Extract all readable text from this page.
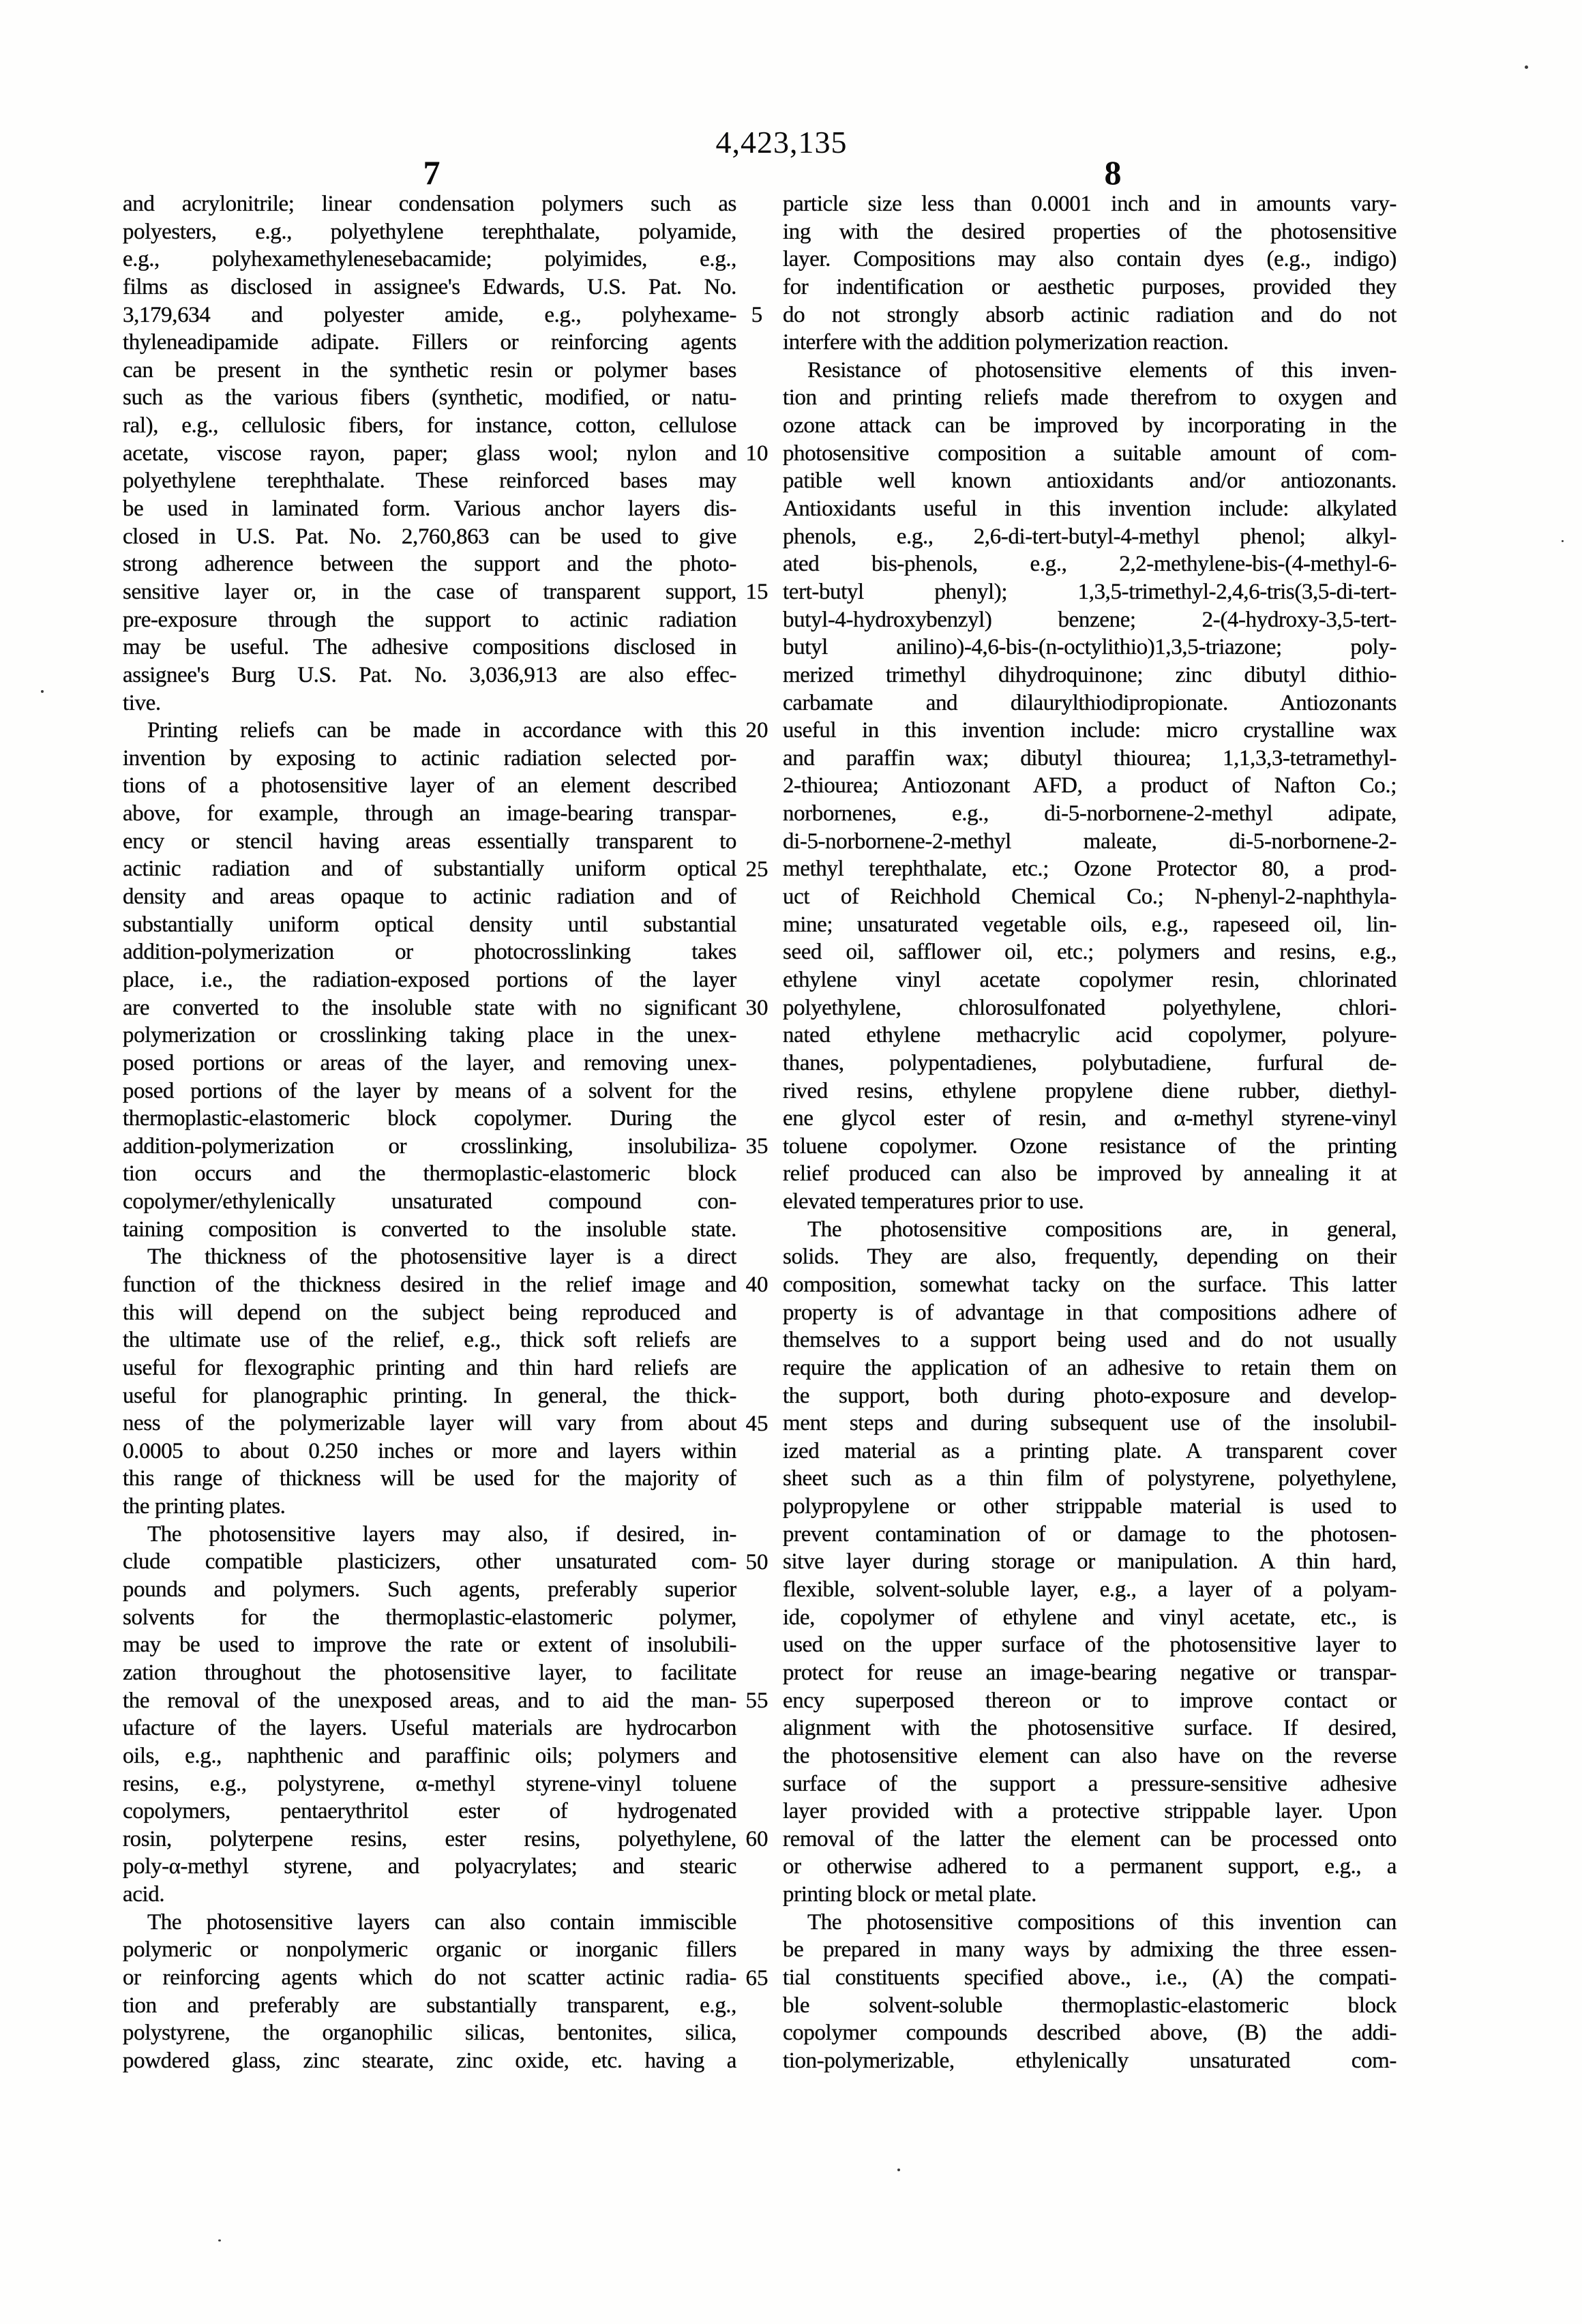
4,423,135
7	8
and acrylonitrile; linear condensation polymers such as
polyesters, e.g., polyethylene terephthalate, polyamide,
e.g., polyhexamethylenesebacamide; polyimides, e.g.,
films as disclosed in assignee's Edwards, U.S. Pat. No.
3,179,634 and polyester amide, e.g., polyhexame-
thyleneadipamide adipate. Fillers or reinforcing agents
can be present in the synthetic resin or polymer bases
such as the various fibers (synthetic, modified, or natu-
ral), e.g., cellulosic fibers, for instance, cotton, cellulose
acetate, viscose rayon, paper; glass wool; nylon and
polyethylene terephthalate. These reinforced bases may
be used in laminated form. Various anchor layers dis-
closed in U.S. Pat. No. 2,760,863 can be used to give
strong adherence between the support and the photo-
sensitive layer or, in the case of transparent support,
pre-exposure through the support to actinic radiation
may be useful. The adhesive compositions disclosed in
assignee's Burg U.S. Pat. No. 3,036,913 are also effec-
tive.
Printing reliefs can be made in accordance with this
invention by exposing to actinic radiation selected por-
tions of a photosensitive layer of an element described
above, for example, through an image-bearing transpar-
ency or stencil having areas essentially transparent to
actinic radiation and of substantially uniform optical
density and areas opaque to actinic radiation and of
substantially uniform optical density until substantial
addition-polymerization or photocrosslinking takes
place, i.e., the radiation-exposed portions of the layer
are converted to the insoluble state with no significant
polymerization or crosslinking taking place in the unex-
posed portions or areas of the layer, and removing unex-
posed portions of the layer by means of a solvent for the
thermoplastic-elastomeric block copolymer. During the
addition-polymerization or crosslinking, insolubiliza-
tion occurs and the thermoplastic-elastomeric block
copolymer/ethylenically unsaturated compound con-
taining composition is converted to the insoluble state.
The thickness of the photosensitive layer is a direct
function of the thickness desired in the relief image and
this will depend on the subject being reproduced and
the ultimate use of the relief, e.g., thick soft reliefs are
useful for flexographic printing and thin hard reliefs are
useful for planographic printing. In general, the thick-
ness of the polymerizable layer will vary from about
0.0005 to about 0.250 inches or more and layers within
this range of thickness will be used for the majority of
the printing plates.
The photosensitive layers may also, if desired, in-
clude compatible plasticizers, other unsaturated com-
pounds and polymers. Such agents, preferably superior
solvents for the thermoplastic-elastomeric polymer,
may be used to improve the rate or extent of insolubili-
zation throughout the photosensitive layer, to facilitate
the removal of the unexposed areas, and to aid the man-
ufacture of the layers. Useful materials are hydrocarbon
oils, e.g., naphthenic and paraffinic oils; polymers and
resins, e.g., polystyrene, α-methyl styrene-vinyl toluene
copolymers, pentaerythritol ester of hydrogenated
rosin, polyterpene resins, ester resins, polyethylene,
poly-α-methyl styrene, and polyacrylates; and stearic
acid.
The photosensitive layers can also contain immiscible
polymeric or nonpolymeric organic or inorganic fillers
or reinforcing agents which do not scatter actinic radia-
tion and preferably are substantially transparent, e.g.,
polystyrene, the organophilic silicas, bentonites, silica,
powdered glass, zinc stearate, zinc oxide, etc. having a
5
10
15
20
25
30
35
40
45
50
55
60
65
particle size less than 0.0001 inch and in amounts vary-
ing with the desired properties of the photosensitive
layer. Compositions may also contain dyes (e.g., indigo)
for indentification or aesthetic purposes, provided they
do not strongly absorb actinic radiation and do not
interfere with the addition polymerization reaction.
Resistance of photosensitive elements of this inven-
tion and printing reliefs made therefrom to oxygen and
ozone attack can be improved by incorporating in the
photosensitive composition a suitable amount of com-
patible well known antioxidants and/or antiozonants.
Antioxidants useful in this invention include: alkylated
phenols, e.g., 2,6-di-tert-butyl-4-methyl phenol; alkyl-
ated bis-phenols, e.g., 2,2-methylene-bis-(4-methyl-6-
tert-butyl phenyl); 1,3,5-trimethyl-2,4,6-tris(3,5-di-tert-
butyl-4-hydroxybenzyl) benzene; 2-(4-hydroxy-3,5-tert-
butyl anilino)-4,6-bis-(n-octylithio)1,3,5-triazone; poly-
merized trimethyl dihydroquinone; zinc dibutyl dithio-
carbamate and dilaurylthiodipropionate. Antiozonants
useful in this invention include: micro crystalline wax
and paraffin wax; dibutyl thiourea; 1,1,3,3-tetramethyl-
2-thiourea; Antiozonant AFD, a product of Nafton Co.;
norbornenes, e.g., di-5-norbornene-2-methyl adipate,
di-5-norbornene-2-methyl maleate, di-5-norbornene-2-
methyl terephthalate, etc.; Ozone Protector 80, a prod-
uct of Reichhold Chemical Co.; N-phenyl-2-naphthyla-
mine; unsaturated vegetable oils, e.g., rapeseed oil, lin-
seed oil, safflower oil, etc.; polymers and resins, e.g.,
ethylene vinyl acetate copolymer resin, chlorinated
polyethylene, chlorosulfonated polyethylene, chlori-
nated ethylene methacrylic acid copolymer, polyure-
thanes, polypentadienes, polybutadiene, furfural de-
rived resins, ethylene propylene diene rubber, diethyl-
ene glycol ester of resin, and α-methyl styrene-vinyl
toluene copolymer. Ozone resistance of the printing
relief produced can also be improved by annealing it at
elevated temperatures prior to use.
The photosensitive compositions are, in general,
solids. They are also, frequently, depending on their
composition, somewhat tacky on the surface. This latter
property is of advantage in that compositions adhere of
themselves to a support being used and do not usually
require the application of an adhesive to retain them on
the support, both during photo-exposure and develop-
ment steps and during subsequent use of the insolubil-
ized material as a printing plate. A transparent cover
sheet such as a thin film of polystyrene, polyethylene,
polypropylene or other strippable material is used to
prevent contamination of or damage to the photosen-
sitve layer during storage or manipulation. A thin hard,
flexible, solvent-soluble layer, e.g., a layer of a polyam-
ide, copolymer of ethylene and vinyl acetate, etc., is
used on the upper surface of the photosensitive layer to
protect for reuse an image-bearing negative or transpar-
ency superposed thereon or to improve contact or
alignment with the photosensitive surface. If desired,
the photosensitive element can also have on the reverse
surface of the support a pressure-sensitive adhesive
layer provided with a protective strippable layer. Upon
removal of the latter the element can be processed onto
or otherwise adhered to a permanent support, e.g., a
printing block or metal plate.
The photosensitive compositions of this invention can
be prepared in many ways by admixing the three essen-
tial constituents specified above., i.e., (A) the compati-
ble solvent-soluble thermoplastic-elastomeric block
copolymer compounds described above, (B) the addi-
tion-polymerizable, ethylenically unsaturated com-
